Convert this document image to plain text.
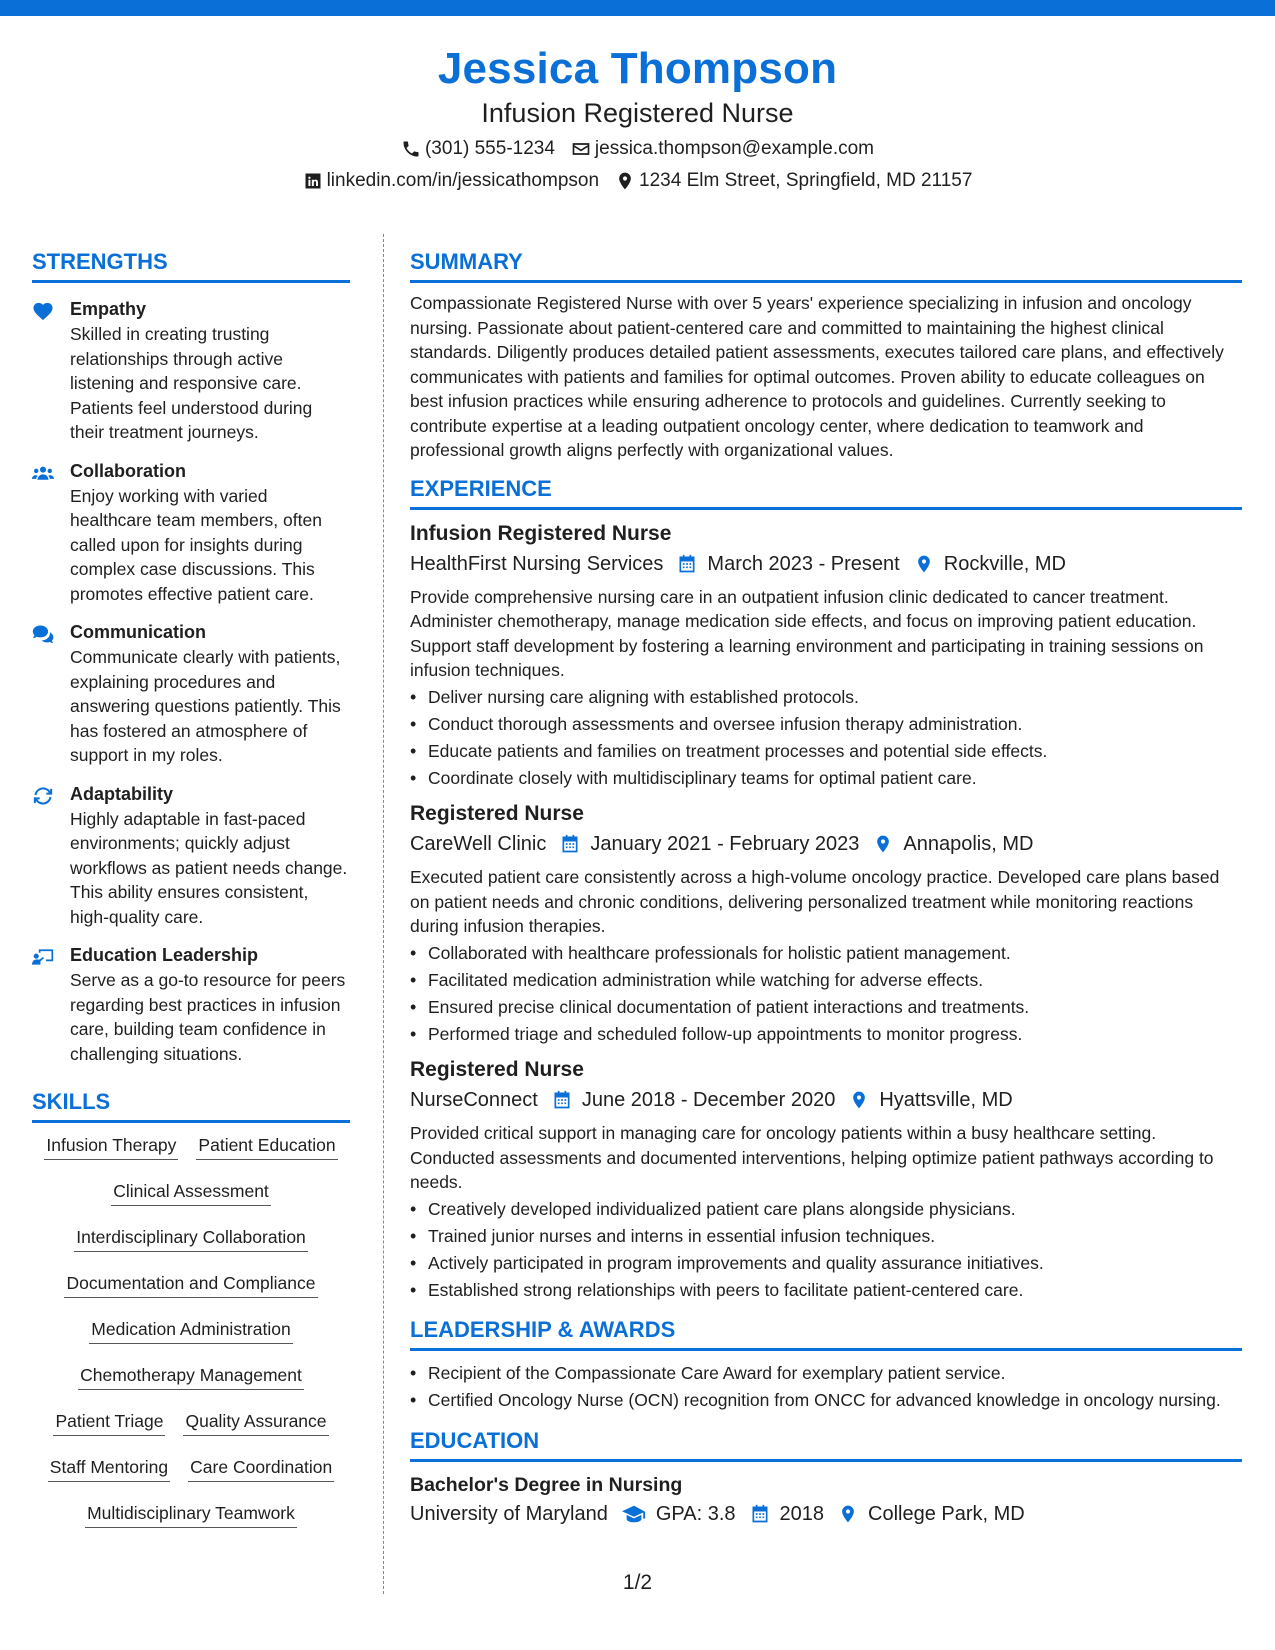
Jessica Thompson
Infusion Registered Nurse
(301) 555-1234 jessica.thompson@example.com
linkedin.com/in/jessicathompson 1234 Elm Street, Springfield, MD 21157
STRENGTHS
Empathy
Skilled in creating trusting relationships through active listening and responsive care. Patients feel understood during their treatment journeys.
Collaboration
Enjoy working with varied healthcare team members, often called upon for insights during complex case discussions. This promotes effective patient care.
Communication
Communicate clearly with patients, explaining procedures and answering questions patiently. This has fostered an atmosphere of support in my roles.
Adaptability
Highly adaptable in fast-paced environments; quickly adjust workflows as patient needs change. This ability ensures consistent, high-quality care.
Education Leadership
Serve as a go-to resource for peers regarding best practices in infusion care, building team confidence in challenging situations.
SKILLS
Infusion Therapy Patient Education
Clinical Assessment
Interdisciplinary Collaboration
Documentation and Compliance
Medication Administration
Chemotherapy Management
Patient Triage Quality Assurance
Staff Mentoring Care Coordination
Multidisciplinary Teamwork
SUMMARY
Compassionate Registered Nurse with over 5 years' experience specializing in infusion and oncology nursing. Passionate about patient-centered care and committed to maintaining the highest clinical standards. Diligently produces detailed patient assessments, executes tailored care plans, and effectively communicates with patients and families for optimal outcomes. Proven ability to educate colleagues on best infusion practices while ensuring adherence to protocols and guidelines. Currently seeking to contribute expertise at a leading outpatient oncology center, where dedication to teamwork and professional growth aligns perfectly with organizational values.
EXPERIENCE
Infusion Registered Nurse
HealthFirst Nursing Services March 2023 - Present Rockville, MD
Provide comprehensive nursing care in an outpatient infusion clinic dedicated to cancer treatment. Administer chemotherapy, manage medication side effects, and focus on improving patient education. Support staff development by fostering a learning environment and participating in training sessions on infusion techniques.
• Deliver nursing care aligning with established protocols.
• Conduct thorough assessments and oversee infusion therapy administration.
• Educate patients and families on treatment processes and potential side effects.
• Coordinate closely with multidisciplinary teams for optimal patient care.
Registered Nurse
CareWell Clinic January 2021 - February 2023 Annapolis, MD
Executed patient care consistently across a high-volume oncology practice. Developed care plans based on patient needs and chronic conditions, delivering personalized treatment while monitoring reactions during infusion therapies.
• Collaborated with healthcare professionals for holistic patient management.
• Facilitated medication administration while watching for adverse effects.
• Ensured precise clinical documentation of patient interactions and treatments.
• Performed triage and scheduled follow-up appointments to monitor progress.
Registered Nurse
NurseConnect June 2018 - December 2020 Hyattsville, MD
Provided critical support in managing care for oncology patients within a busy healthcare setting. Conducted assessments and documented interventions, helping optimize patient pathways according to needs.
• Creatively developed individualized patient care plans alongside physicians.
• Trained junior nurses and interns in essential infusion techniques.
• Actively participated in program improvements and quality assurance initiatives.
• Established strong relationships with peers to facilitate patient-centered care.
LEADERSHIP & AWARDS
• Recipient of the Compassionate Care Award for exemplary patient service.
• Certified Oncology Nurse (OCN) recognition from ONCC for advanced knowledge in oncology nursing.
EDUCATION
Bachelor's Degree in Nursing
University of Maryland GPA: 3.8 2018 College Park, MD
1/2
